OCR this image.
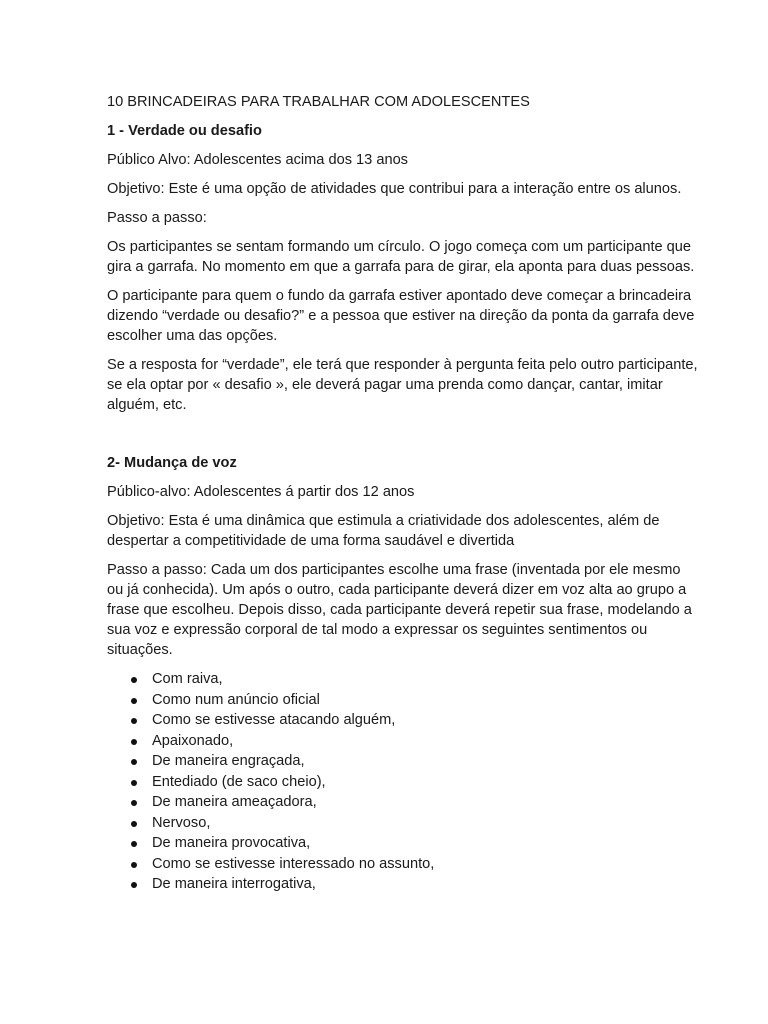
10 BRINCADEIRAS PARA TRABALHAR COM ADOLESCENTES

1 - Verdade ou desafio

Público Alvo: Adolescentes acima dos 13 anos

Objetivo: Este é uma opção de atividades que contribui para a interação entre os alunos.

Passo a passo:

Os participantes se sentam formando um círculo. O jogo começa com um participante que gira a garrafa. No momento em que a garrafa para de girar, ela aponta para duas pessoas.

O participante para quem o fundo da garrafa estiver apontado deve começar a brincadeira dizendo “verdade ou desafio?” e a pessoa que estiver na direção da ponta da garrafa deve escolher uma das opções.

Se a resposta for “verdade”, ele terá que responder à pergunta feita pelo outro participante, se ela optar por « desafio », ele deverá pagar uma prenda como dançar, cantar, imitar alguém, etc.

2- Mudança de voz

Público-alvo: Adolescentes á partir dos 12 anos

Objetivo: Esta é uma dinâmica que estimula a criatividade dos adolescentes, além de despertar a competitividade de uma forma saudável e divertida

Passo a passo: Cada um dos participantes escolhe uma frase (inventada por ele mesmo ou já conhecida). Um após o outro, cada participante deverá dizer em voz alta ao grupo a frase que escolheu. Depois disso, cada participante deverá repetir sua frase, modelando a sua voz e expressão corporal de tal modo a expressar os seguintes sentimentos ou situações.

Com raiva,
Como num anúncio oficial
Como se estivesse atacando alguém,
Apaixonado,
De maneira engraçada,
Entediado (de saco cheio),
De maneira ameaçadora,
Nervoso,
De maneira provocativa,
Como se estivesse interessado no assunto,
De maneira interrogativa,
